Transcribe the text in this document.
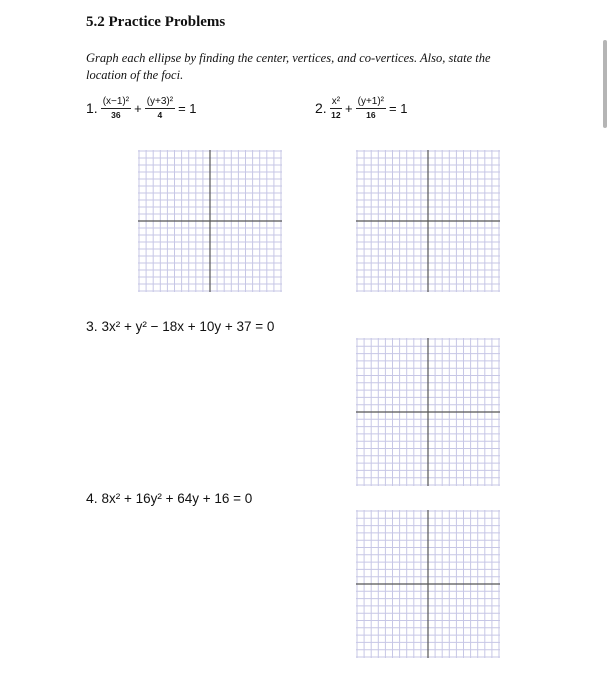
5.2 Practice Problems
Graph each ellipse by finding the center, vertices, and co-vertices. Also, state the location of the foci.
1. $\frac{\text{(x−1)²}}{36} + \frac{\text{(y+3)²}}{4} = 1$	2. $\frac{\text{x²}}{12} + \frac{\text{(y+1)²}}{16} = 1$
3. 3x² + y² − 18x + 10y + 37 = 0
4. 8x² + 16y² + 64y + 16 = 0
